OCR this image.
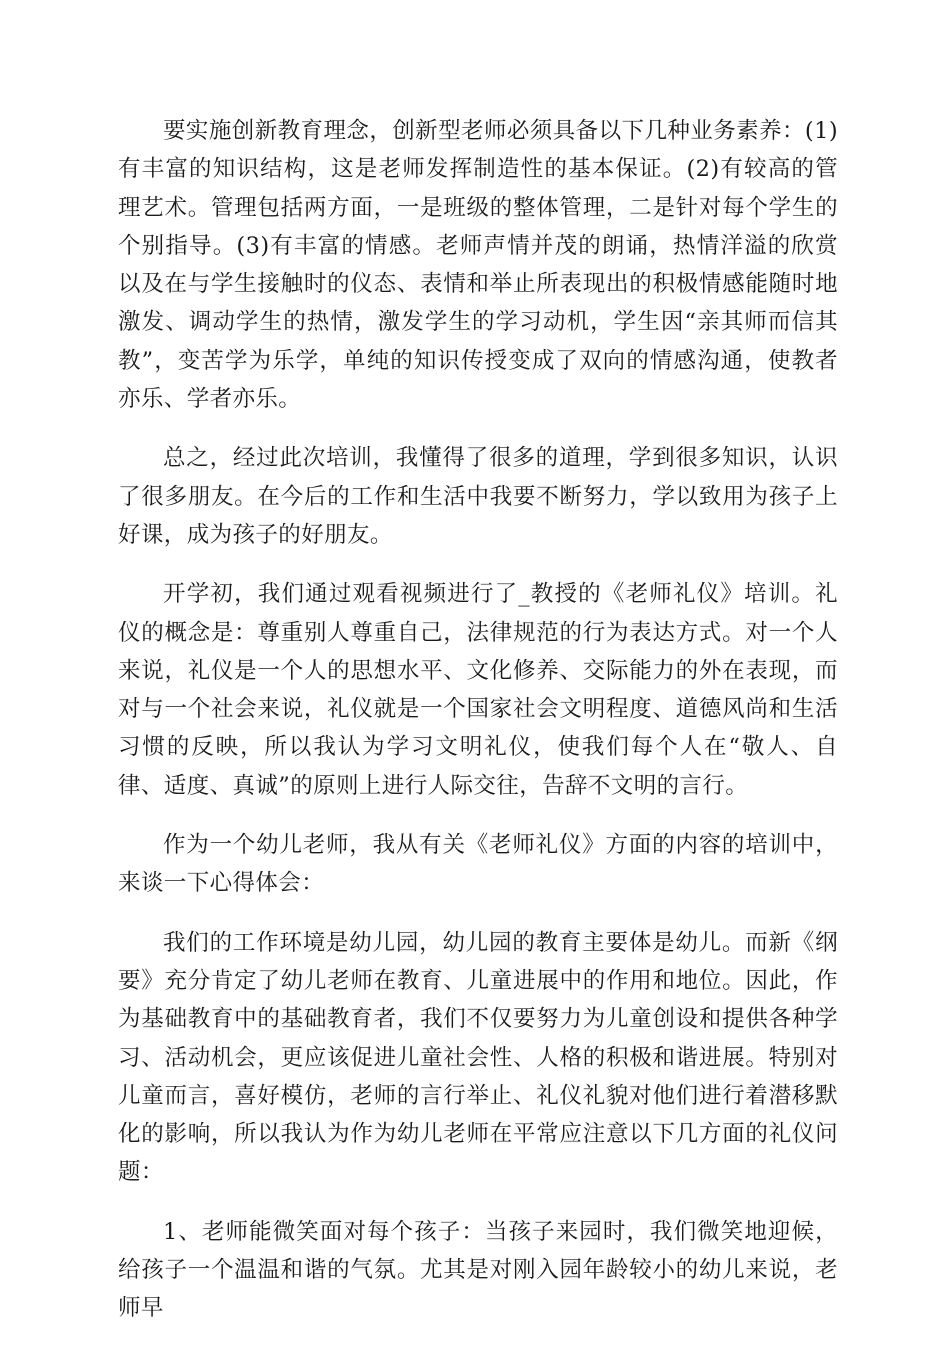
要实施创新教育理念，创新型老师必须具备以下几种业务素养：(1)有丰富的知识结构，这是老师发挥制造性的基本保证。(2)有较高的管理艺术。管理包括两方面，一是班级的整体管理，二是针对每个学生的个别指导。(3)有丰富的情感。老师声情并茂的朗诵，热情洋溢的欣赏以及在与学生接触时的仪态、表情和举止所表现出的积极情感能随时地激发、调动学生的热情，激发学生的学习动机，学生因“亲其师而信其教”，变苦学为乐学，单纯的知识传授变成了双向的情感沟通，使教者亦乐、学者亦乐。

总之，经过此次培训，我懂得了很多的道理，学到很多知识，认识了很多朋友。在今后的工作和生活中我要不断努力，学以致用为孩子上好课，成为孩子的好朋友。

开学初，我们通过观看视频进行了_教授的《老师礼仪》培训。礼仪的概念是：尊重别人尊重自己，法律规范的行为表达方式。对一个人来说，礼仪是一个人的思想水平、文化修养、交际能力的外在表现，而对与一个社会来说，礼仪就是一个国家社会文明程度、道德风尚和生活习惯的反映，所以我认为学习文明礼仪，使我们每个人在“敬人、自律、适度、真诚”的原则上进行人际交往，告辞不文明的言行。

作为一个幼儿老师，我从有关《老师礼仪》方面的内容的培训中，来谈一下心得体会：

我们的工作环境是幼儿园，幼儿园的教育主要体是幼儿。而新《纲要》充分肯定了幼儿老师在教育、儿童进展中的作用和地位。因此，作为基础教育中的基础教育者，我们不仅要努力为儿童创设和提供各种学习、活动机会，更应该促进儿童社会性、人格的积极和谐进展。特别对儿童而言，喜好模仿，老师的言行举止、礼仪礼貌对他们进行着潜移默化的影响，所以我认为作为幼儿老师在平常应注意以下几方面的礼仪问题：

1、老师能微笑面对每个孩子：当孩子来园时，我们微笑地迎候，给孩子一个温温和谐的气氛。尤其是对刚入园年龄较小的幼儿来说，老师早
